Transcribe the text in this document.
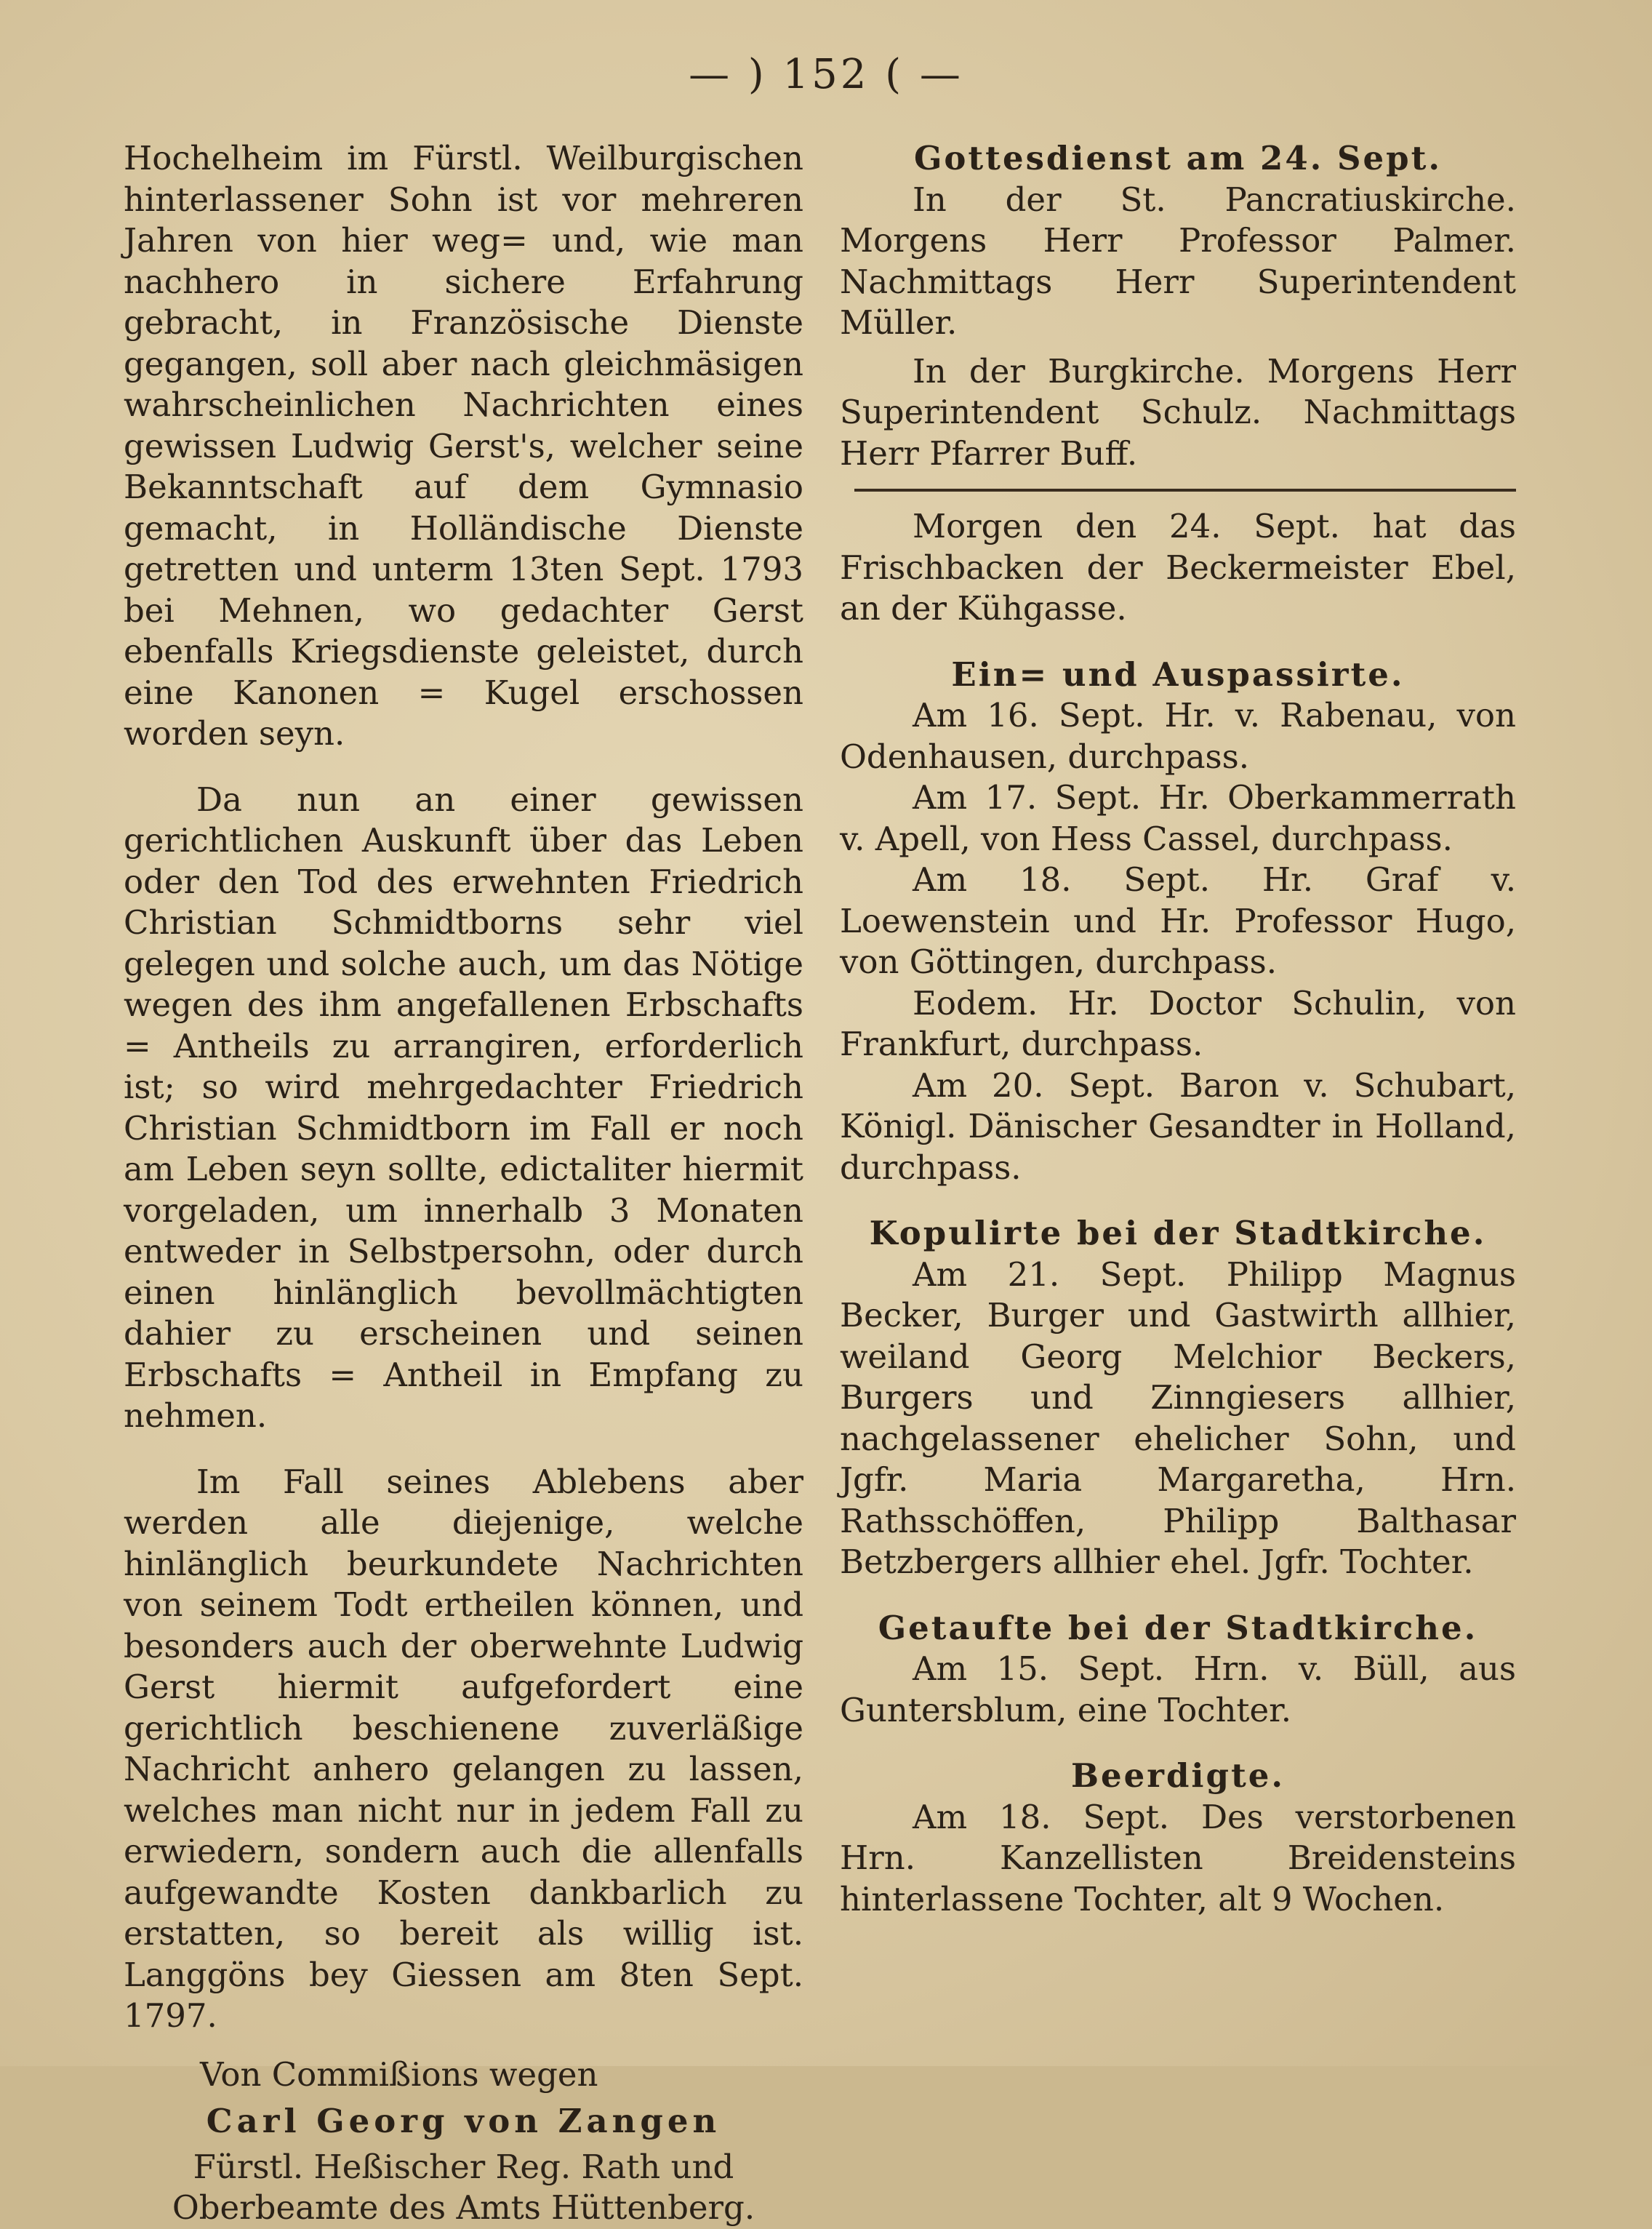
— ) 152 ( —

Hochelheim im Fürstl. Weilburgischen hinterlassener Sohn ist vor mehreren Jahren von hier weg= und, wie man nachhero in sichere Erfahrung gebracht, in Französische Dienste gegangen, soll aber nach gleichmäsigen wahrscheinlichen Nachrichten eines gewissen Ludwig Gerst's, welcher seine Bekanntschaft auf dem Gymnasio gemacht, in Holländische Dienste getretten und unterm 13ten Sept. 1793 bei Mehnen, wo gedachter Gerst ebenfalls Kriegsdienste geleistet, durch eine Kanonen = Kugel erschossen worden seyn.

Da nun an einer gewissen gerichtlichen Auskunft über das Leben oder den Tod des erwehnten Friedrich Christian Schmidtborns sehr viel gelegen und solche auch, um das Nötige wegen des ihm angefallenen Erbschafts = Antheils zu arrangiren, erforderlich ist; so wird mehrgedachter Friedrich Christian Schmidtborn im Fall er noch am Leben seyn sollte, edictaliter hiermit vorgeladen, um innerhalb 3 Monaten entweder in Selbstpersohn, oder durch einen hinlänglich bevollmächtigten dahier zu erscheinen und seinen Erbschafts = Antheil in Empfang zu nehmen.

Im Fall seines Ablebens aber werden alle diejenige, welche hinlänglich beurkundete Nachrichten von seinem Todt ertheilen können, und besonders auch der oberwehnte Ludwig Gerst hiermit aufgefordert eine gerichtlich beschienene zuverläßige Nachricht anhero gelangen zu lassen, welches man nicht nur in jedem Fall zu erwiedern, sondern auch die allenfalls aufgewandte Kosten dankbarlich zu erstatten, so bereit als willig ist. Langgöns bey Giessen am 8ten Sept. 1797.

Von Commißions wegen

Carl Georg von Zangen

Fürstl. Heßischer Reg. Rath und Oberbeamte des Amts Hüttenberg.

Gottesdienst am 24. Sept.

In der St. Pancratiuskirche. Morgens Herr Professor Palmer. Nachmittags Herr Superintendent Müller.

In der Burgkirche. Morgens Herr Superintendent Schulz. Nachmittags Herr Pfarrer Buff.

Morgen den 24. Sept. hat das Frischbacken der Beckermeister Ebel, an der Kühgasse.

Ein= und Auspassirte.

Am 16. Sept. Hr. v. Rabenau, von Odenhausen, durchpass.

Am 17. Sept. Hr. Oberkammerrath v. Apell, von Hess Cassel, durchpass.

Am 18. Sept. Hr. Graf v. Loewenstein und Hr. Professor Hugo, von Göttingen, durchpass.

Eodem. Hr. Doctor Schulin, von Frankfurt, durchpass.

Am 20. Sept. Baron v. Schubart, Königl. Dänischer Gesandter in Holland, durchpass.

Kopulirte bei der Stadtkirche.

Am 21. Sept. Philipp Magnus Becker, Burger und Gastwirth allhier, weiland Georg Melchior Beckers, Burgers und Zinngiesers allhier, nachgelassener ehelicher Sohn, und Jgfr. Maria Margaretha, Hrn. Rathsschöffen, Philipp Balthasar Betzbergers allhier ehel. Jgfr. Tochter.

Getaufte bei der Stadtkirche.

Am 15. Sept. Hrn. v. Büll, aus Guntersblum, eine Tochter.

Beerdigte.

Am 18. Sept. Des verstorbenen Hrn. Kanzellisten Breidensteins hinterlassene Tochter, alt 9 Wochen.
